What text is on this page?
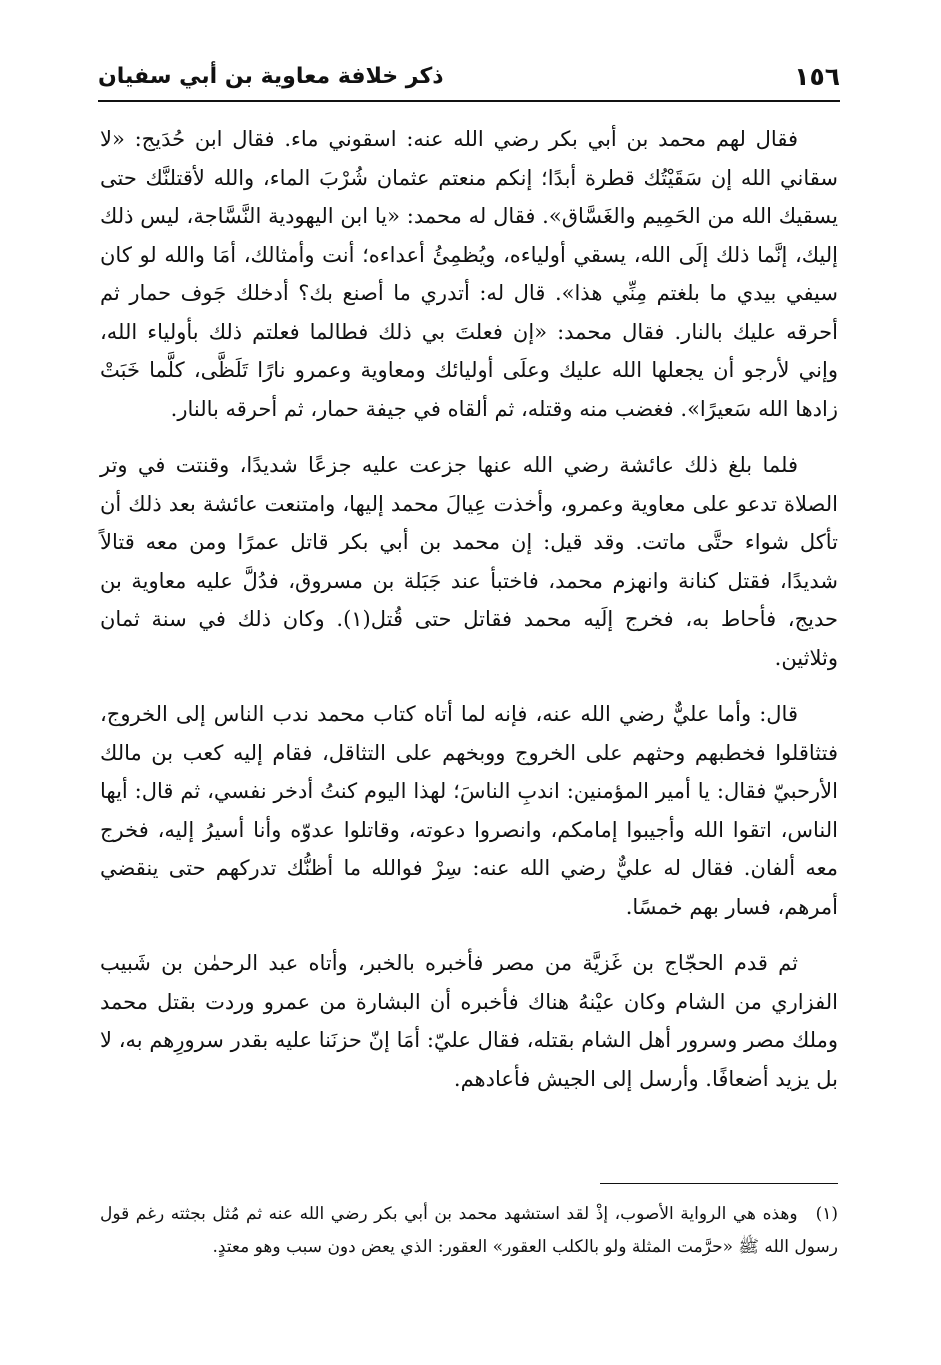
١٥٦
ذكر خلافة معاوية بن أبي سفيان

فقال لهم محمد بن أبي بكر رضي الله عنه: اسقوني ماء. فقال ابن حُدَيج: «لا سقاني الله إن سَقَيْتُك قطرة أبدًا؛ إنكم منعتم عثمان شُرْبَ الماء، والله لأقتلنَّك حتى يسقيك الله من الحَمِيم والغَسَّاق». فقال له محمد: «يا ابن اليهودية النَّسَّاجة، ليس ذلك إليك، إنَّما ذلك إلَى الله، يسقي أولياءه، ويُظمِئُ أعداءه؛ أنت وأمثالك، أمَا والله لو كان سيفي بيدي ما بلغتم مِنِّي هذا». قال له: أتدري ما أصنع بك؟ أدخلك جَوف حمار ثم أحرقه عليك بالنار. فقال محمد: «إن فعلتَ بي ذلك فطالما فعلتم ذلك بأولياء الله، وإني لأرجو أن يجعلها الله عليك وعلَى أوليائك ومعاوية وعمرو نارًا تَلَظَّى، كلَّما خَبَتْ زادها الله سَعيرًا». فغضب منه وقتله، ثم ألقاه في جيفة حمار، ثم أحرقه بالنار.

فلما بلغ ذلك عائشة رضي الله عنها جزعت عليه جزعًا شديدًا، وقنتت في وتر الصلاة تدعو على معاوية وعمرو، وأخذت عِيالَ محمد إليها، وامتنعت عائشة بعد ذلك أن تأكل شواء حتَّى ماتت. وقد قيل: إن محمد بن أبي بكر قاتل عمرًا ومن معه قتالاً شديدًا، فقتل كنانة وانهزم محمد، فاختبأ عند جَبَلة بن مسروق، فدُلَّ عليه معاوية بن حديج، فأحاط به، فخرج إلَيه محمد فقاتل حتى قُتل(١). وكان ذلك في سنة ثمان وثلاثين.

قال: وأما عليٌّ رضي الله عنه، فإنه لما أتاه كتاب محمد ندب الناس إلى الخروج، فتثاقلوا فخطبهم وحثهم على الخروج ووبخهم على التثاقل، فقام إليه كعب بن مالك الأرحبيّ فقال: يا أمير المؤمنين: اندبِ الناسَ؛ لهذا اليوم كنتُ أدخر نفسي، ثم قال: أيها الناس، اتقوا الله وأجيبوا إمامكم، وانصروا دعوته، وقاتلوا عدوّه وأنا أسيرُ إليه، فخرج معه ألفان. فقال له عليٌّ رضي الله عنه: سِرْ فوالله ما أظنُّك تدركهم حتى ينقضي أمرهم، فسار بهم خمسًا.

ثم قدم الحجّاج بن غَزيَّة من مصر فأخبره بالخبر، وأتاه عبد الرحمٰن بن شَبيب الفزاري من الشام وكان عيْنهُ هناك فأخبره أن البشارة من عمرو وردت بقتل محمد وملك مصر وسرور أهل الشام بقتله، فقال عليّ: أمَا إنّ حزنَنا عليه بقدر سرورِهم به، لا بل يزيد أضعافًا. وأرسل إلى الجيش فأعادهم.

(١)وهذه هي الرواية الأصوب، إذْ لقد استشهد محمد بن أبي بكر رضي الله عنه ثم مُثل بجثته رغم قول رسول الله ﷺ «حرَّمت المثلة ولو بالكلب العقور» العقور: الذي يعض دون سبب وهو معتدٍ.
